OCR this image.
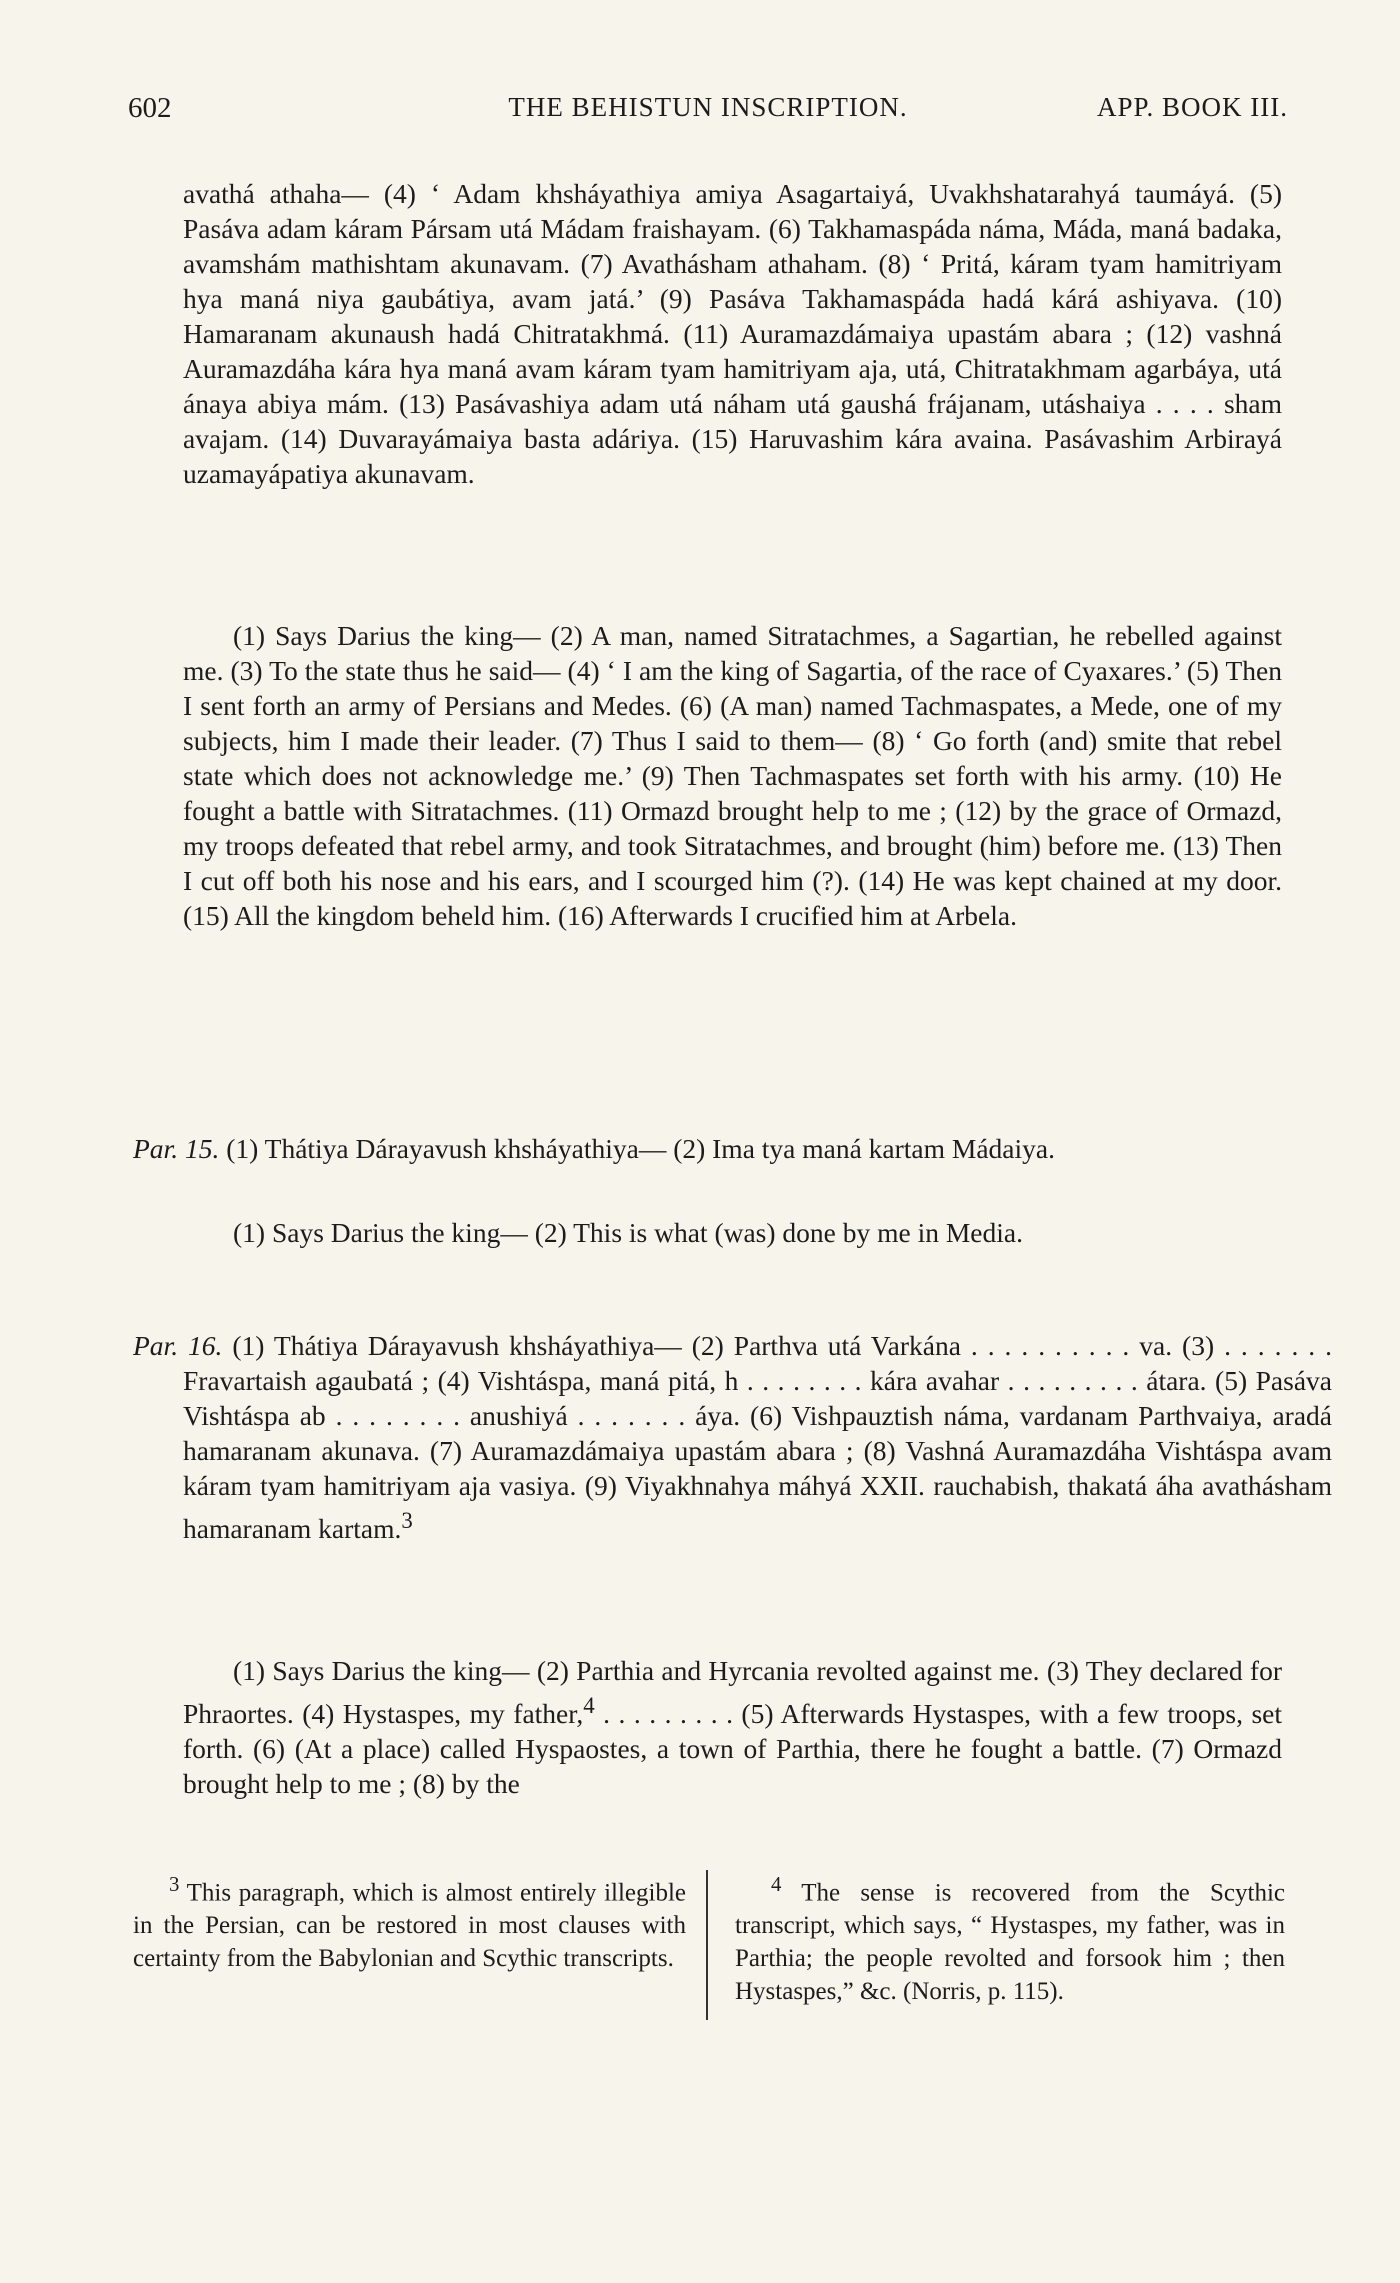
602	THE BEHISTUN INSCRIPTION.	APP. BOOK III.

avathá athaha— (4) ‘ Adam khsháyathiya amiya Asagartaiyá, Uvakhshatarahyá taumáyá. (5) Pasáva adam káram Pársam utá Mádam fraishayam. (6) Takhamaspáda náma, Máda, maná badaka, avamshám mathishtam akunavam. (7) Avathásham athaham. (8) ‘ Pritá, káram tyam hamitriyam hya maná niya gaubátiya, avam jatá.’ (9) Pasáva Takhamaspáda hadá kárá ashiyava. (10) Hamaranam akunaush hadá Chitratakhmá. (11) Auramazdámaiya upastám abara ; (12) vashná Auramazdáha kára hya maná avam káram tyam hamitriyam aja, utá, Chitratakhmam agarbáya, utá ánaya abiya mám. (13) Pasávashiya adam utá náham utá gaushá frájanam, utáshaiya . . . . sham avajam. (14) Duvarayámaiya basta adáriya. (15) Haruvashim kára avaina. Pasávashim Arbirayá uzamayápatiya akunavam.

(1) Says Darius the king— (2) A man, named Sitratachmes, a Sagartian, he rebelled against me. (3) To the state thus he said— (4) ‘ I am the king of Sagartia, of the race of Cyaxares.’ (5) Then I sent forth an army of Persians and Medes. (6) (A man) named Tachmaspates, a Mede, one of my subjects, him I made their leader. (7) Thus I said to them— (8) ‘ Go forth (and) smite that rebel state which does not acknowledge me.’ (9) Then Tachmaspates set forth with his army. (10) He fought a battle with Sitratachmes. (11) Ormazd brought help to me ; (12) by the grace of Ormazd, my troops defeated that rebel army, and took Sitratachmes, and brought (him) before me. (13) Then I cut off both his nose and his ears, and I scourged him (?). (14) He was kept chained at my door. (15) All the kingdom beheld him. (16) Afterwards I crucified him at Arbela.

Par. 15. (1) Thátiya Dárayavush khsháyathiya— (2) Ima tya maná kartam Mádaiya.

(1) Says Darius the king— (2) This is what (was) done by me in Media.

Par. 16. (1) Thátiya Dárayavush khsháyathiya— (2) Parthva utá Varkána . . . . . . . . . . va. (3) . . . . . . . Fravartaish agaubatá ; (4) Vishtáspa, maná pitá, h . . . . . . . . kára avahar . . . . . . . . . átara. (5) Pasáva Vishtáspa ab . . . . . . . . anushiyá . . . . . . . áya. (6) Vishpauztish náma, vardanam Parthvaiya, aradá hamaranam akunava. (7) Auramazdámaiya upastám abara ; (8) Vashná Auramazdáha Vishtáspa avam káram tyam hamitriyam aja vasiya. (9) Viyakhnahya máhyá XXII. rauchabish, thakatá áha avathásham hamaranam kartam.$^3$

(1) Says Darius the king— (2) Parthia and Hyrcania revolted against me. (3) They declared for Phraortes. (4) Hystaspes, my father,$^4$ . . . . . . . . . (5) Afterwards Hystaspes, with a few troops, set forth. (6) (At a place) called Hyspaostes, a town of Parthia, there he fought a battle. (7) Ormazd brought help to me ; (8) by the

$^3$ This paragraph, which is almost entirely illegible in the Persian, can be restored in most clauses with certainty from the Babylonian and Scythic transcripts.

$^4$ The sense is recovered from the Scythic transcript, which says, “ Hystaspes, my father, was in Parthia; the people revolted and forsook him ; then Hystaspes,” &c. (Norris, p. 115).
